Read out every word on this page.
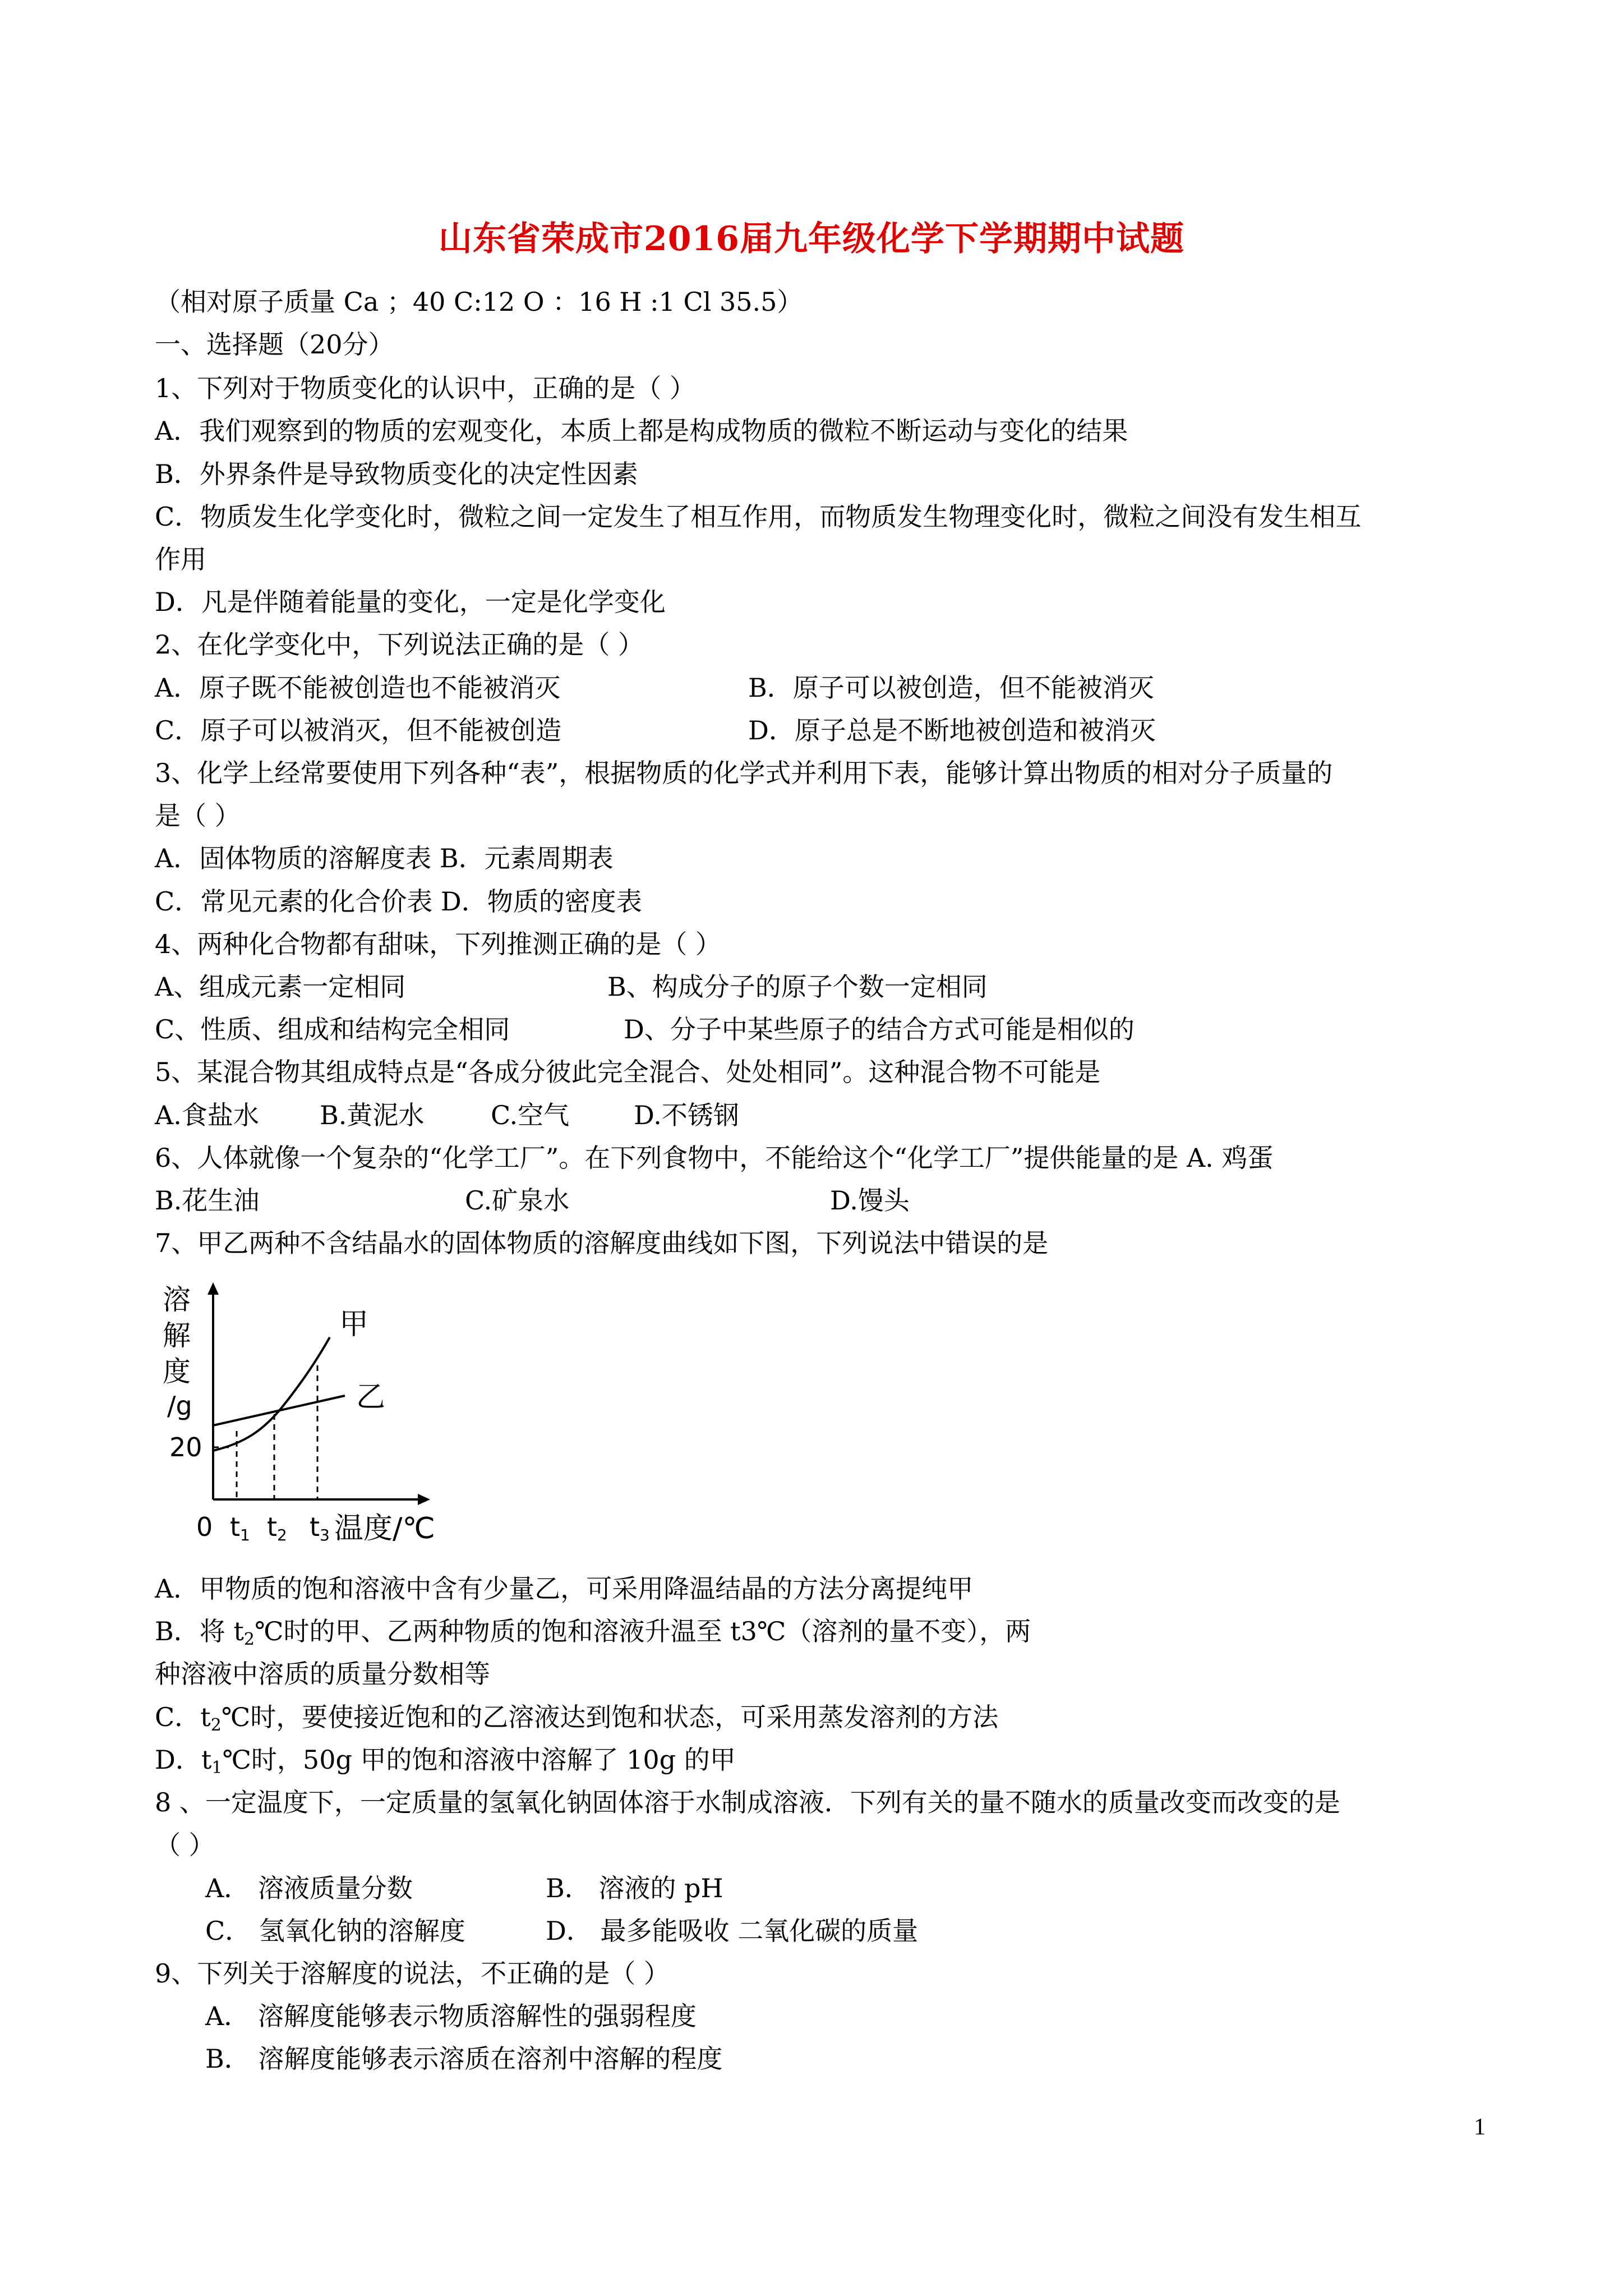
山东省荣成市2016届九年级化学下学期期中试题
（相对原子质量 Ca ；40 C:12 O ：16 H :1 Cl 35.5）
一、选择题（20分）
1、下列对于物质变化的认识中，正确的是（ ）
A．我们观察到的物质的宏观变化，本质上都是构成物质的微粒不断运动与变化的结果
B．外界条件是导致物质变化的决定性因素
C．物质发生化学变化时，微粒之间一定发生了相互作用，而物质发生物理变化时，微粒之间没有发生相互
作用
D．凡是伴随着能量的变化，一定是化学变化
2、在化学变化中，下列说法正确的是（ ）
A．原子既不能被创造也不能被消灭	B．原子可以被创造，但不能被消灭
C．原子可以被消灭，但不能被创造	D．原子总是不断地被创造和被消灭
3、化学上经常要使用下列各种“表”，根据物质的化学式并利用下表，能够计算出物质的相对分子质量的
是（ ）
A．固体物质的溶解度表 B．元素周期表
C．常见元素的化合价表 D．物质的密度表
4、两种化合物都有甜味，下列推测正确的是（ ）
A、组成元素一定相同	B、构成分子的原子个数一定相同
C、性质、组成和结构完全相同	D、分子中某些原子的结合方式可能是相似的
5、某混合物其组成特点是“各成分彼此完全混合、处处相同”。这种混合物不可能是
A.食盐水 B.黄泥水	C.空气 D.不锈钢
6、人体就像一个复杂的“化学工厂”。在下列食物中，不能给这个“化学工厂”提供能量的是 A. 鸡蛋
B.花生油	C.矿泉水	D.馒头
7、甲乙两种不含结晶水的固体物质的溶解度曲线如下图，下列说法中错误的是
溶
解
度
/g
20
甲
乙
0 t1 t2 t3 温度/℃
A．甲物质的饱和溶液中含有少量乙，可采用降温结晶的方法分离提纯甲
B．将 $t_2℃$时的甲、乙两种物质的饱和溶液升温至 t3℃（溶剂的量不变），两
种溶液中溶质的质量分数相等
C．$t_2℃$时，要使接近饱和的乙溶液达到饱和状态，可采用蒸发溶剂的方法
D．$t_1℃$时，50g 甲的饱和溶液中溶解了 10g 的甲
8 、一定温度下，一定质量的氢氧化钠固体溶于水制成溶液．下列有关的量不随水的质量改变而改变的是
（ ）
A． 溶液质量分数	B． 溶液的 pH
C． 氢氧化钠的溶解度	D． 最多能吸收 二氧化碳的质量
9、下列关于溶解度的说法，不正确的是（ ）
A． 溶解度能够表示物质溶解性的强弱程度
B． 溶解度能够表示溶质在溶剂中溶解的程度
1
